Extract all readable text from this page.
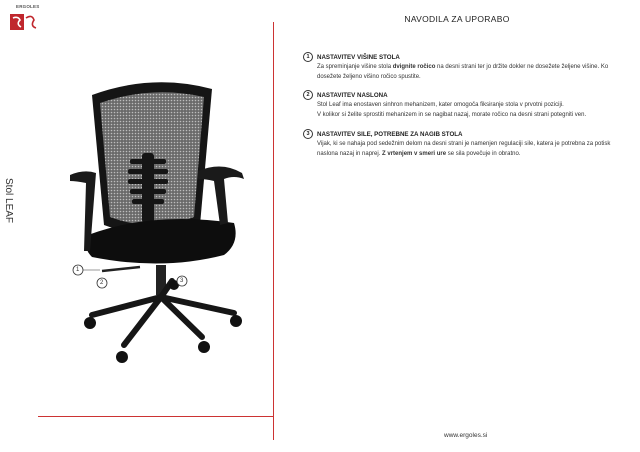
ERGOLES
Stol LEAF
1
2	3
NAVODILA ZA UPORABO
1	NASTAVITEV VIŠINE STOLA
Za spreminjanje višine stola dvignite ročico na desni strani ter jo držite dokler ne dosežete željene višine. Ko dosežete željeno višino ročico spustite.
2	NASTAVITEV NASLONA
Stol Leaf ima enostaven sinhron mehanizem, kater omogoča fiksiranje stola v prvotni poziciji.
V kolikor si želite sprostiti mehanizem in se nagibat nazaj, morate ročico na desni strani potegniti ven.
3	NASTAVITEV SILE, POTREBNE ZA NAGIB STOLA
Vijak, ki se nahaja pod sedežnim delom na desni strani je namenjen regulaciji sile, katera je potrebna za potisk naslona nazaj in naprej. Z vrtenjem v smeri ure se sila povečuje in obratno.
www.ergoles.si
